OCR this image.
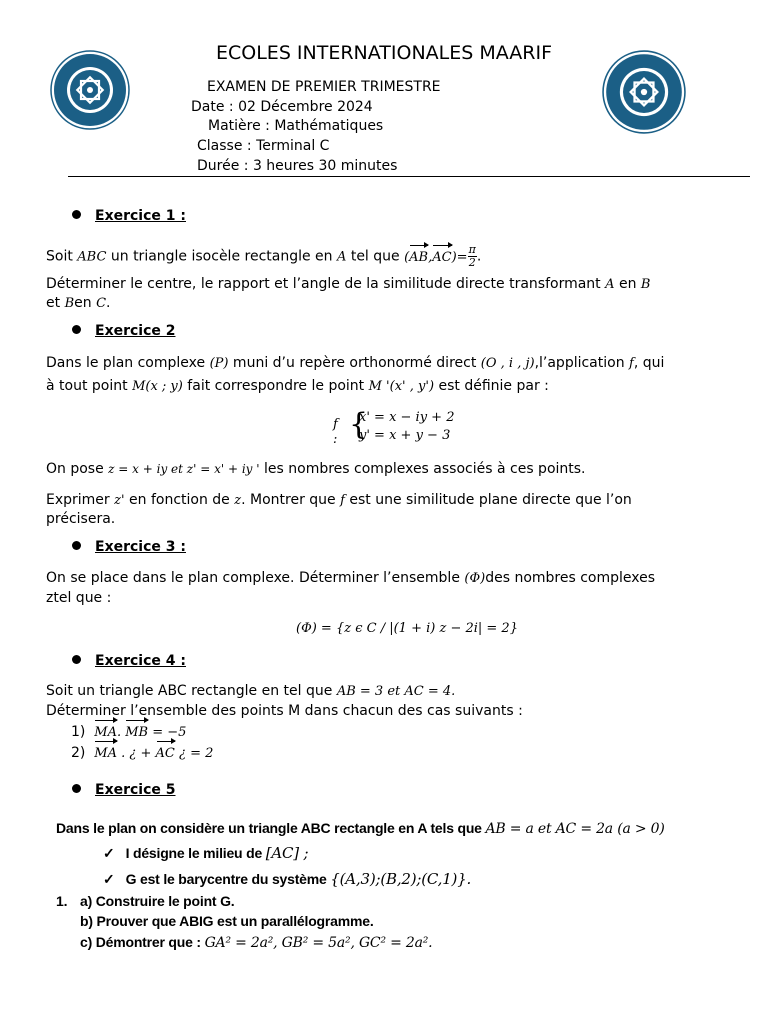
ECOLES INTERNATIONALES MAARIF
EXAMEN DE PREMIER TRIMESTRE
Date : 02 Décembre 2024
Matière : Mathématiques
Classe : Terminal C
Durée : 3 heures 30 minutes
Exercice 1 :
Soit ABC un triangle isocèle rectangle en A tel que $(AB,AC)= \frac{\pi}{2}$ .
Déterminer le centre, le rapport et l’angle de la similitude directe transformant A en B
et Ben C.
Exercice 2
Dans le plan complexe (P) muni d’u repère orthonormé direct (O , i , j),l’application f, qui
à tout point M(x ; y) fait correspondre le point M '(x' , y') est définie par :
f : {
x' = x − iy + 2
y' = x + y − 3
On pose z = x + iy et z' = x' + iy ' les nombres complexes associés à ces points.
Exprimer z' en fonction de z. Montrer que f est une similitude plane directe que l’on
précisera.
Exercice 3 :
On se place dans le plan complexe. Déterminer l’ensemble (Φ)des nombres complexes
ztel que :
(Φ) = {z ϵ C / |(1 + i) z − 2i| = 2}
Exercice 4 :
Soit un triangle ABC rectangle en tel que AB = 3 et AC = 4.
Déterminer l’ensemble des points M dans chacun des cas suivants :
1) MA. MB = −5
2) MA . ¿ + AC ¿ = 2
Exercice 5
Dans le plan on considère un triangle ABC rectangle en A tels que AB = a et AC = 2a (a > 0)
✓ I désigne le milieu de [AC] ;
✓ G est le barycentre du système {(A,3);(B,2);(C,1)}.
1. a) Construire le point G.
b) Prouver que ABIG est un parallélogramme.
c) Démontrer que : GA² = 2a², GB² = 5a², GC² = 2a².
